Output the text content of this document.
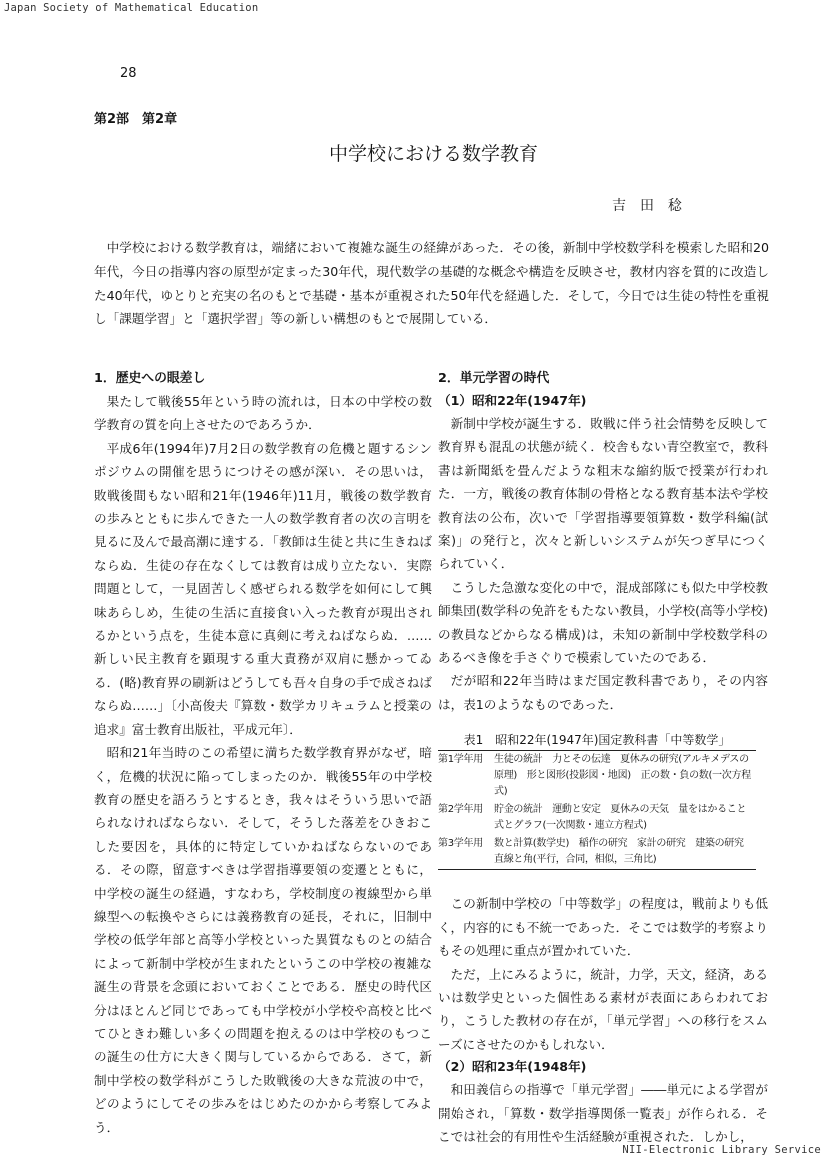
Japan Society of Mathematical Education
28
第2部　第2章
中学校における数学教育
吉田稔

中学校における数学教育は，端緒において複雑な誕生の経緯があった．その後，新制中学校数学科を模索した昭和20年代，今日の指導内容の原型が定まった30年代，現代数学の基礎的な概念や構造を反映させ，教材内容を質的に改造した40年代，ゆとりと充実の名のもとで基礎・基本が重視された50年代を経過した．そして，今日では生徒の特性を重視し「課題学習」と「選択学習」等の新しい構想のもとで展開している．

1．歴史への眼差し

果たして戦後55年という時の流れは，日本の中学校の数学教育の質を向上させたのであろうか．

平成6年(1994年)7月2日の数学教育の危機と題するシンポジウムの開催を思うにつけその感が深い．その思いは，敗戦後間もない昭和21年(1946年)11月，戦後の数学教育の歩みとともに歩んできた一人の数学教育者の次の言明を見るに及んで最高潮に達する．「教師は生徒と共に生きねばならぬ．生徒の存在なくしては教育は成り立たない．実際問題として，一見固苦しく感ぜられる数学を如何にして興味あらしめ，生徒の生活に直接食い入った教育が現出されるかという点を，生徒本意に真剣に考えねばならぬ．……新しい民主教育を顕現する重大責務が双肩に懸かってゐる．(略)教育界の刷新はどうしても吾々自身の手で成さねばならぬ……」〔小高俊夫『算数・数学カリキュラムと授業の追求』富士教育出版社，平成元年〕．

昭和21年当時のこの希望に満ちた数学教育界がなぜ，暗く，危機的状況に陥ってしまったのか．戦後55年の中学校教育の歴史を語ろうとするとき，我々はそういう思いで語られなければならない．そして，そうした落差をひきおこした要因を，具体的に特定していかねばならないのである．その際，留意すべきは学習指導要領の変遷とともに，中学校の誕生の経過，すなわち，学校制度の複線型から単線型への転換やさらには義務教育の延長，それに，旧制中学校の低学年部と高等小学校といった異質なものとの結合によって新制中学校が生まれたというこの中学校の複雑な誕生の背景を念頭においておくことである．歴史の時代区分はほとんど同じであっても中学校が小学校や高校と比べてひときわ難しい多くの問題を抱えるのは中学校のもつこの誕生の仕方に大きく関与しているからである．さて，新制中学校の数学科がこうした敗戦後の大きな荒波の中で，どのようにしてその歩みをはじめたのかから考察してみよう．

2．単元学習の時代
（1）昭和22年(1947年)

新制中学校が誕生する．敗戦に伴う社会情勢を反映して教育界も混乱の状態が続く．校舎もない青空教室で，教科書は新聞紙を畳んだような粗末な縮約版で授業が行われた．一方，戦後の教育体制の骨格となる教育基本法や学校教育法の公布，次いで「学習指導要領算数・数学科編(試案)」の発行と，次々と新しいシステムが矢つぎ早につくられていく．

こうした急激な変化の中で，混成部隊にも似た中学校教師集団(数学科の免許をもたない教員，小学校(高等小学校)の教員などからなる構成)は，未知の新制中学校数学科のあるべき像を手さぐりで模索していたのである．

だが昭和22年当時はまだ国定教科書であり，その内容は，表1のようなものであった．

表1　昭和22年(1947年)国定教科書「中等数学」
第1学年用	生徒の統計　力とその伝達　夏休みの研究(アルキメデスの原理)　形と図形(投影図・地図)　正の数・負の数(一次方程式)
第2学年用	貯金の統計　運動と安定　夏休みの天気　量をはかること　式とグラフ(一次関数・連立方程式)
第3学年用	数と計算(数学史)　稲作の研究　家計の研究　建築の研究　直線と角(平行，合同，相似，三角比)

この新制中学校の「中等数学」の程度は，戦前よりも低く，内容的にも不統一であった．そこでは数学的考察よりもその処理に重点が置かれていた．

ただ，上にみるように，統計，力学，天文，経済，あるいは数学史といった個性ある素材が表面にあらわれており，こうした教材の存在が，「単元学習」への移行をスムーズにさせたのかもしれない．

（2）昭和23年(1948年)

和田義信らの指導で「単元学習」――単元による学習が開始され，「算数・数学指導関係一覧表」が作られる．そこでは社会的有用性や生活経験が重視された．しかし，

NII-Electronic Library Service
